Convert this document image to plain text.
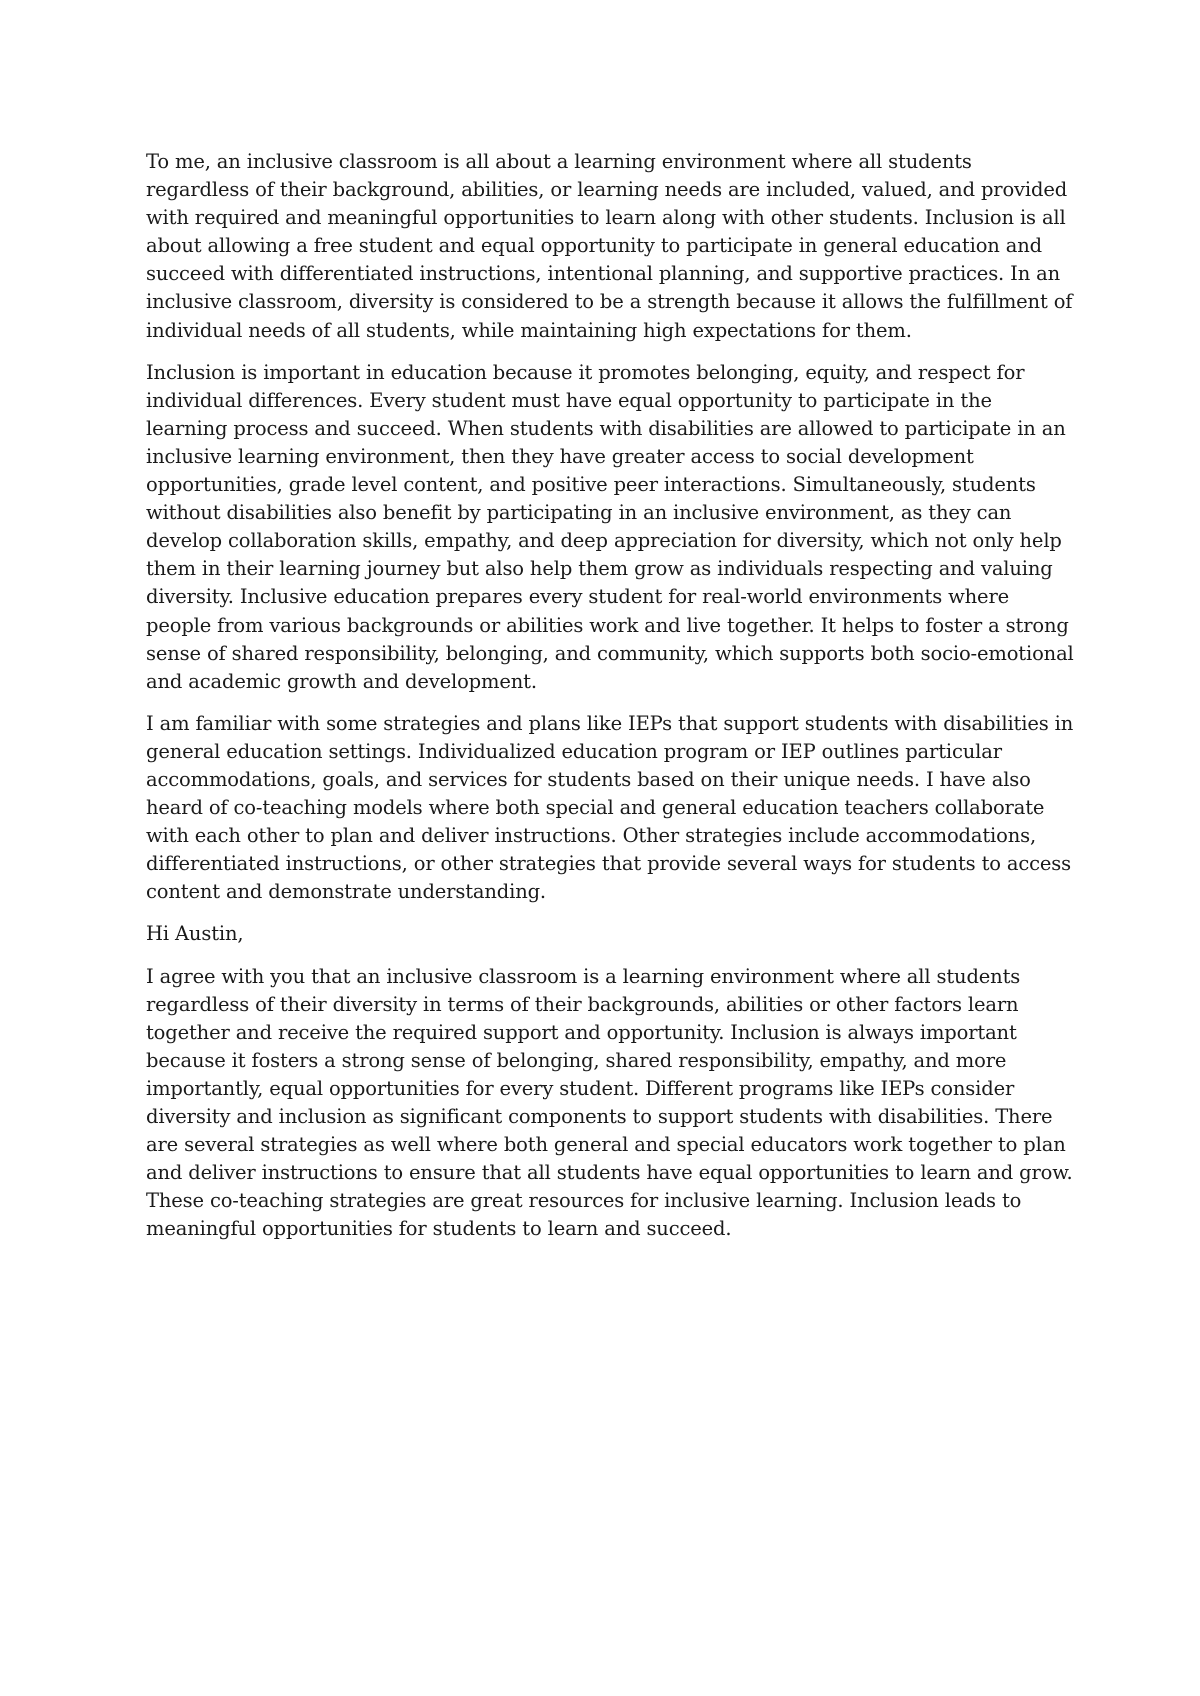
To me, an inclusive classroom is all about a learning environment where all students regardless of their background, abilities, or learning needs are included, valued, and provided with required and meaningful opportunities to learn along with other students. Inclusion is all about allowing a free student and equal opportunity to participate in general education and succeed with differentiated instructions, intentional planning, and supportive practices. In an inclusive classroom, diversity is considered to be a strength because it allows the fulfillment of individual needs of all students, while maintaining high expectations for them.

Inclusion is important in education because it promotes belonging, equity, and respect for individual differences. Every student must have equal opportunity to participate in the learning process and succeed. When students with disabilities are allowed to participate in an inclusive learning environment, then they have greater access to social development opportunities, grade level content, and positive peer interactions. Simultaneously, students without disabilities also benefit by participating in an inclusive environment, as they can develop collaboration skills, empathy, and deep appreciation for diversity, which not only help them in their learning journey but also help them grow as individuals respecting and valuing diversity. Inclusive education prepares every student for real-world environments where people from various backgrounds or abilities work and live together. It helps to foster a strong sense of shared responsibility, belonging, and community, which supports both socio-emotional and academic growth and development.

I am familiar with some strategies and plans like IEPs that support students with disabilities in general education settings. Individualized education program or IEP outlines particular accommodations, goals, and services for students based on their unique needs. I have also heard of co-teaching models where both special and general education teachers collaborate with each other to plan and deliver instructions. Other strategies include accommodations, differentiated instructions, or other strategies that provide several ways for students to access content and demonstrate understanding.

Hi Austin,

I agree with you that an inclusive classroom is a learning environment where all students regardless of their diversity in terms of their backgrounds, abilities or other factors learn together and receive the required support and opportunity. Inclusion is always important because it fosters a strong sense of belonging, shared responsibility, empathy, and more importantly, equal opportunities for every student. Different programs like IEPs consider diversity and inclusion as significant components to support students with disabilities. There are several strategies as well where both general and special educators work together to plan and deliver instructions to ensure that all students have equal opportunities to learn and grow. These co-teaching strategies are great resources for inclusive learning. Inclusion leads to meaningful opportunities for students to learn and succeed.
